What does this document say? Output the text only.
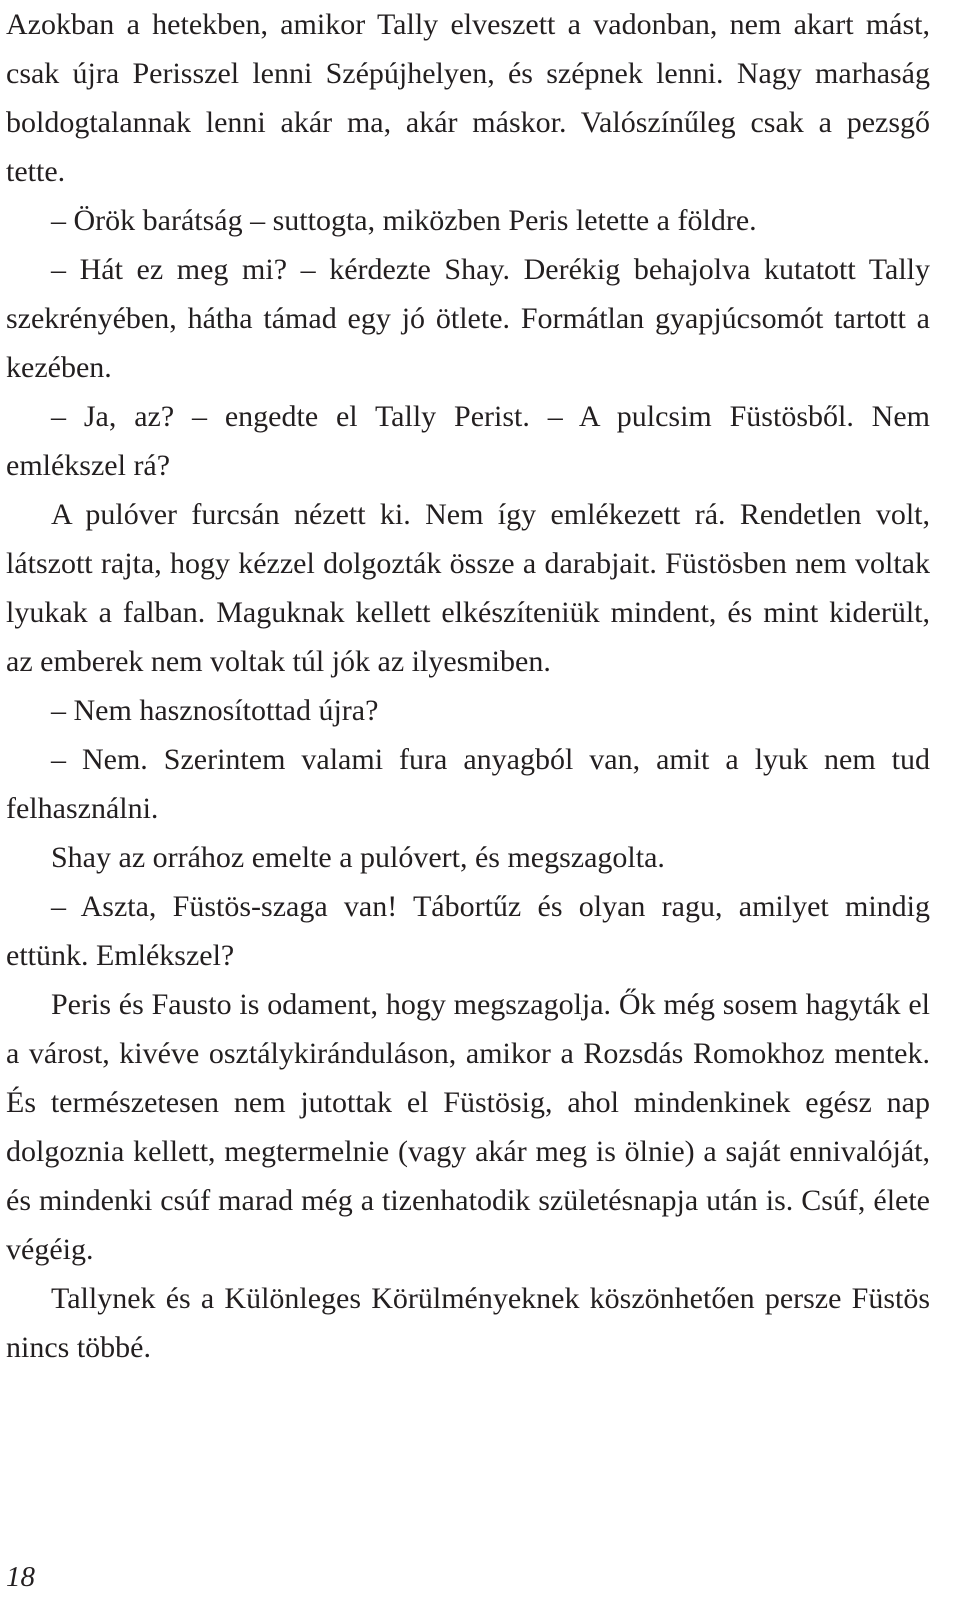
Azokban a hetekben, amikor Tally elveszett a vadonban, nem akart mást, csak újra Perisszel lenni Szépújhelyen, és szépnek lenni. Nagy marhaság boldogtalannak lenni akár ma, akár máskor. Valószínűleg csak a pezsgő tette.

– Örök barátság – suttogta, miközben Peris letette a földre.

– Hát ez meg mi? – kérdezte Shay. Derékig behajolva kutatott Tally szekrényében, hátha támad egy jó ötlete. Formátlan gyapjúcsomót tartott a kezében.

– Ja, az? – engedte el Tally Perist. – A pulcsim Füstösből. Nem emlékszel rá?

A pulóver furcsán nézett ki. Nem így emlékezett rá. Rendetlen volt, látszott rajta, hogy kézzel dolgozták össze a darabjait. Füstösben nem voltak lyukak a falban. Maguknak kellett elkészíteniük mindent, és mint kiderült, az emberek nem voltak túl jók az ilyesmiben.

– Nem hasznosítottad újra?

– Nem. Szerintem valami fura anyagból van, amit a lyuk nem tud felhasználni.

Shay az orrához emelte a pulóvert, és megszagolta.

– Aszta, Füstös-szaga van! Tábortűz és olyan ragu, amilyet mindig ettünk. Emlékszel?

Peris és Fausto is odament, hogy megszagolja. Ők még sosem hagyták el a várost, kivéve osztálykiránduláson, amikor a Rozsdás Romokhoz mentek. És természetesen nem jutottak el Füstösig, ahol mindenkinek egész nap dolgoznia kellett, megtermelnie (vagy akár meg is ölnie) a saját ennivalóját, és mindenki csúf marad még a tizenhatodik születésnapja után is. Csúf, élete végéig.

Tallynek és a Különleges Körülményeknek köszönhetően persze Füstös nincs többé.

18
